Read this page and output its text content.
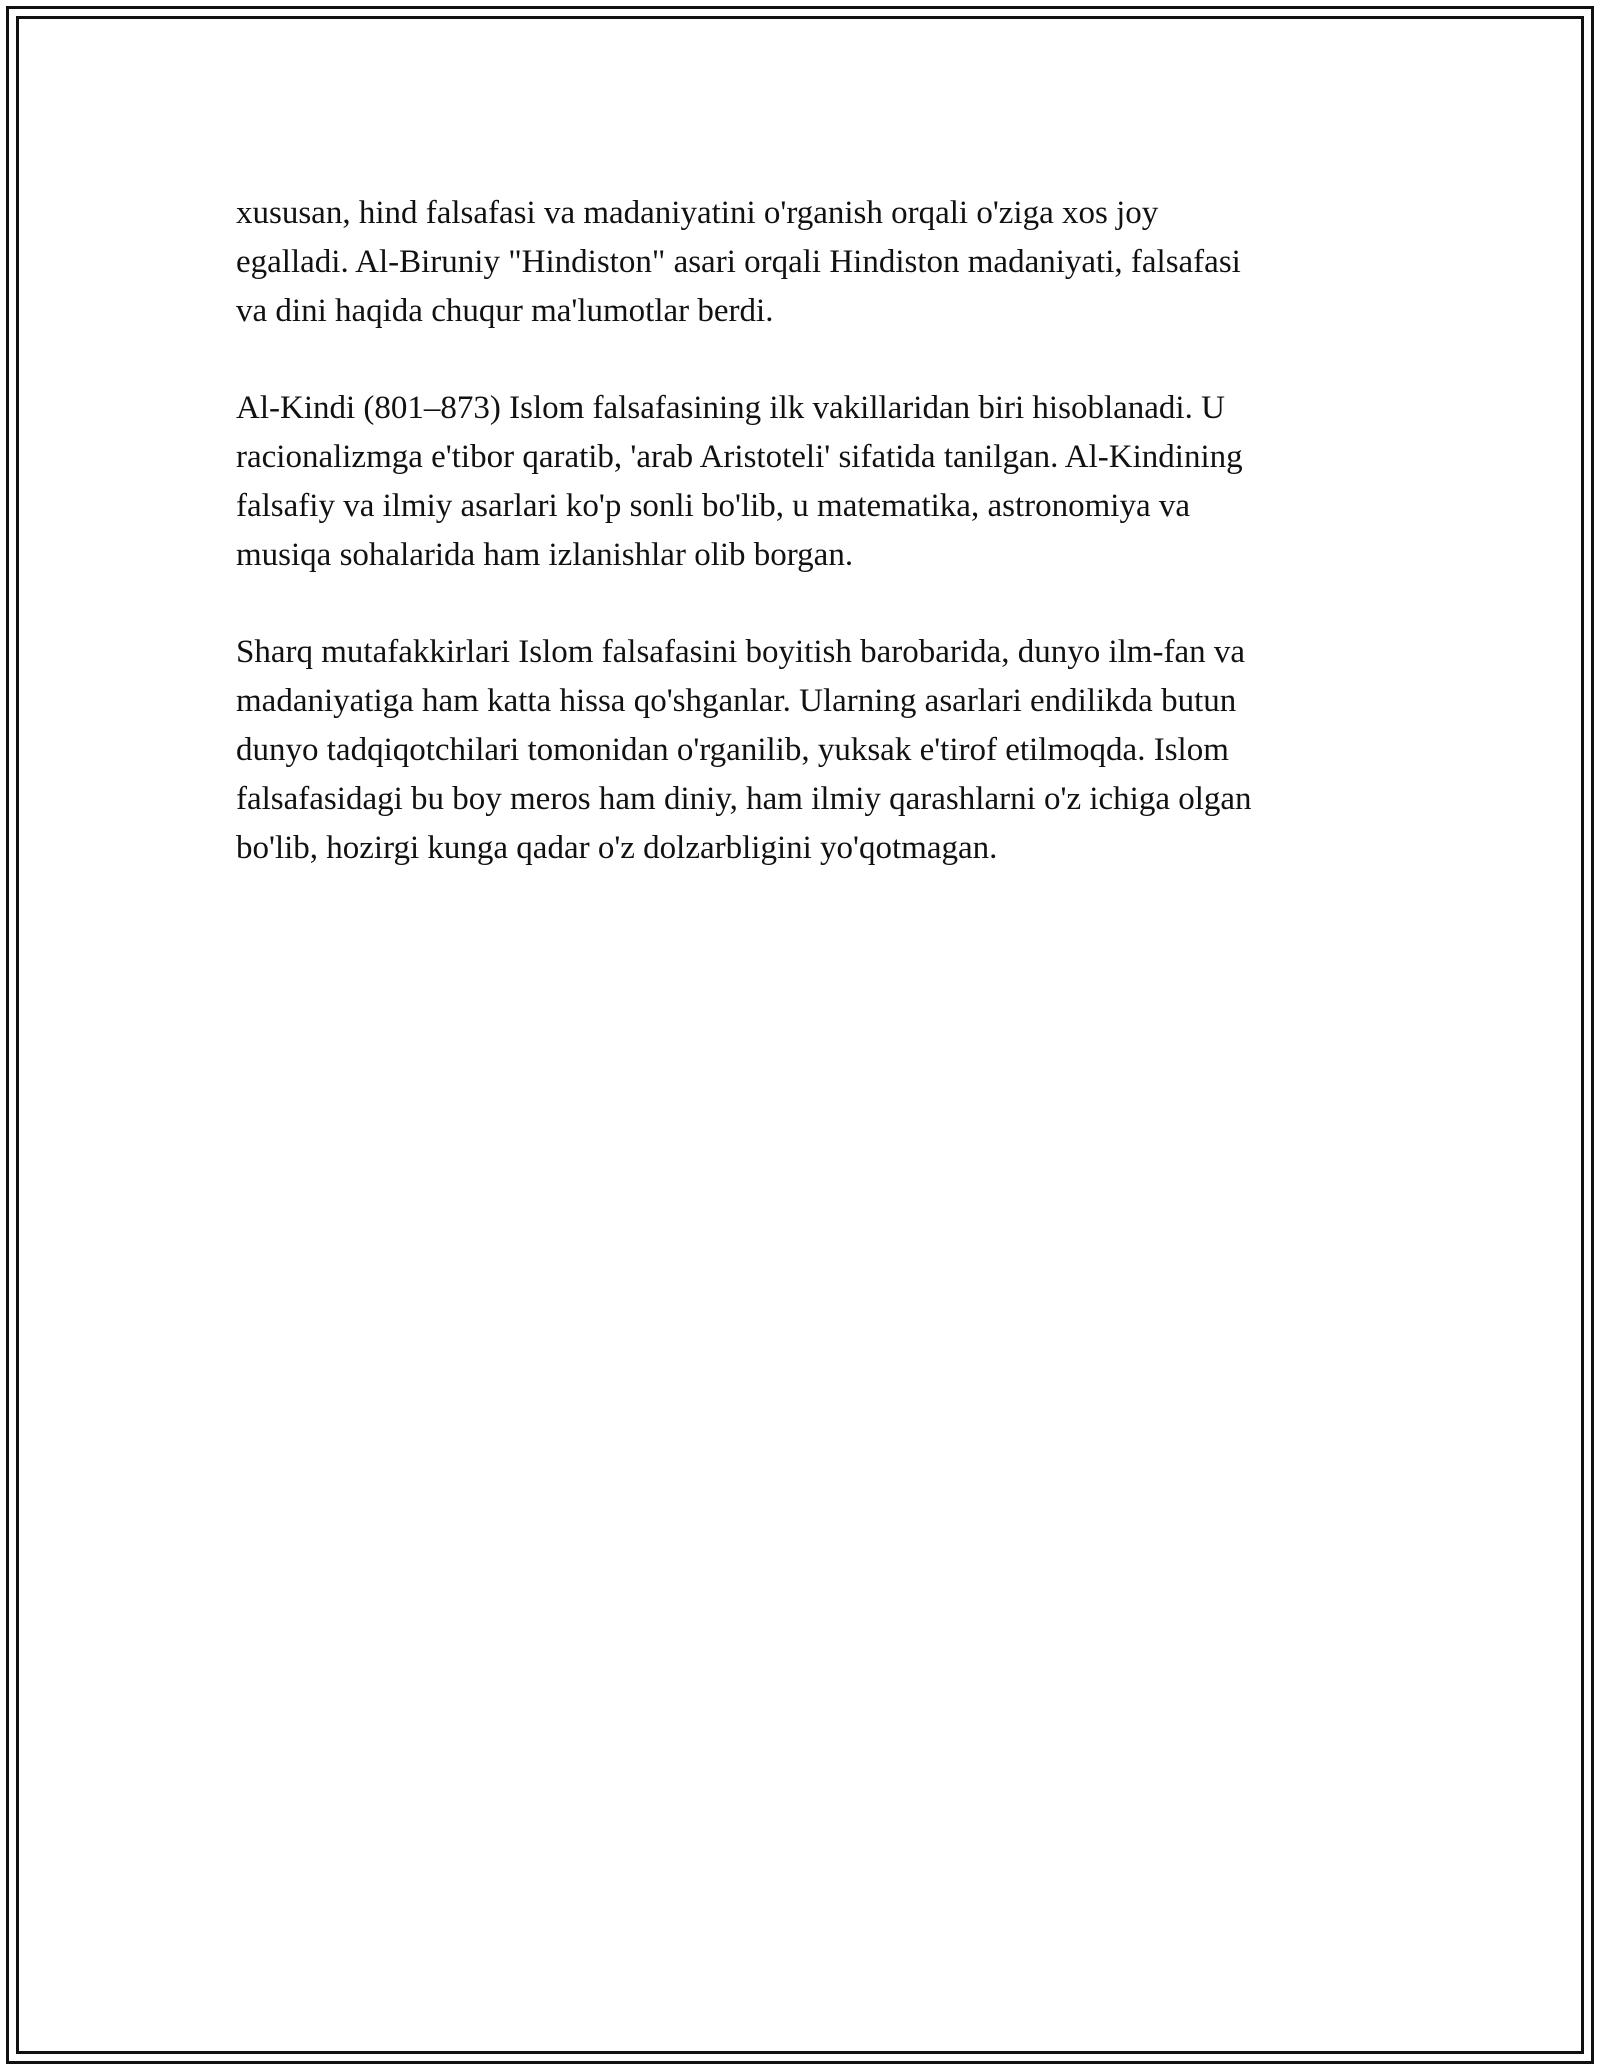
xususan, hind falsafasi va madaniyatini o'rganish orqali o'ziga xos joy
egalladi. Al-Biruniy "Hindiston" asari orqali Hindiston madaniyati, falsafasi
va dini haqida chuqur ma'lumotlar berdi.

Al-Kindi (801–873) Islom falsafasining ilk vakillaridan biri hisoblanadi. U
racionalizmga e'tibor qaratib, 'arab Aristoteli' sifatida tanilgan. Al-Kindining
falsafiy va ilmiy asarlari ko'p sonli bo'lib, u matematika, astronomiya va
musiqa sohalarida ham izlanishlar olib borgan.

Sharq mutafakkirlari Islom falsafasini boyitish barobarida, dunyo ilm-fan va
madaniyatiga ham katta hissa qo'shganlar. Ularning asarlari endilikda butun
dunyo tadqiqotchilari tomonidan o'rganilib, yuksak e'tirof etilmoqda. Islom
falsafasidagi bu boy meros ham diniy, ham ilmiy qarashlarni o'z ichiga olgan
bo'lib, hozirgi kunga qadar o'z dolzarbligini yo'qotmagan.
